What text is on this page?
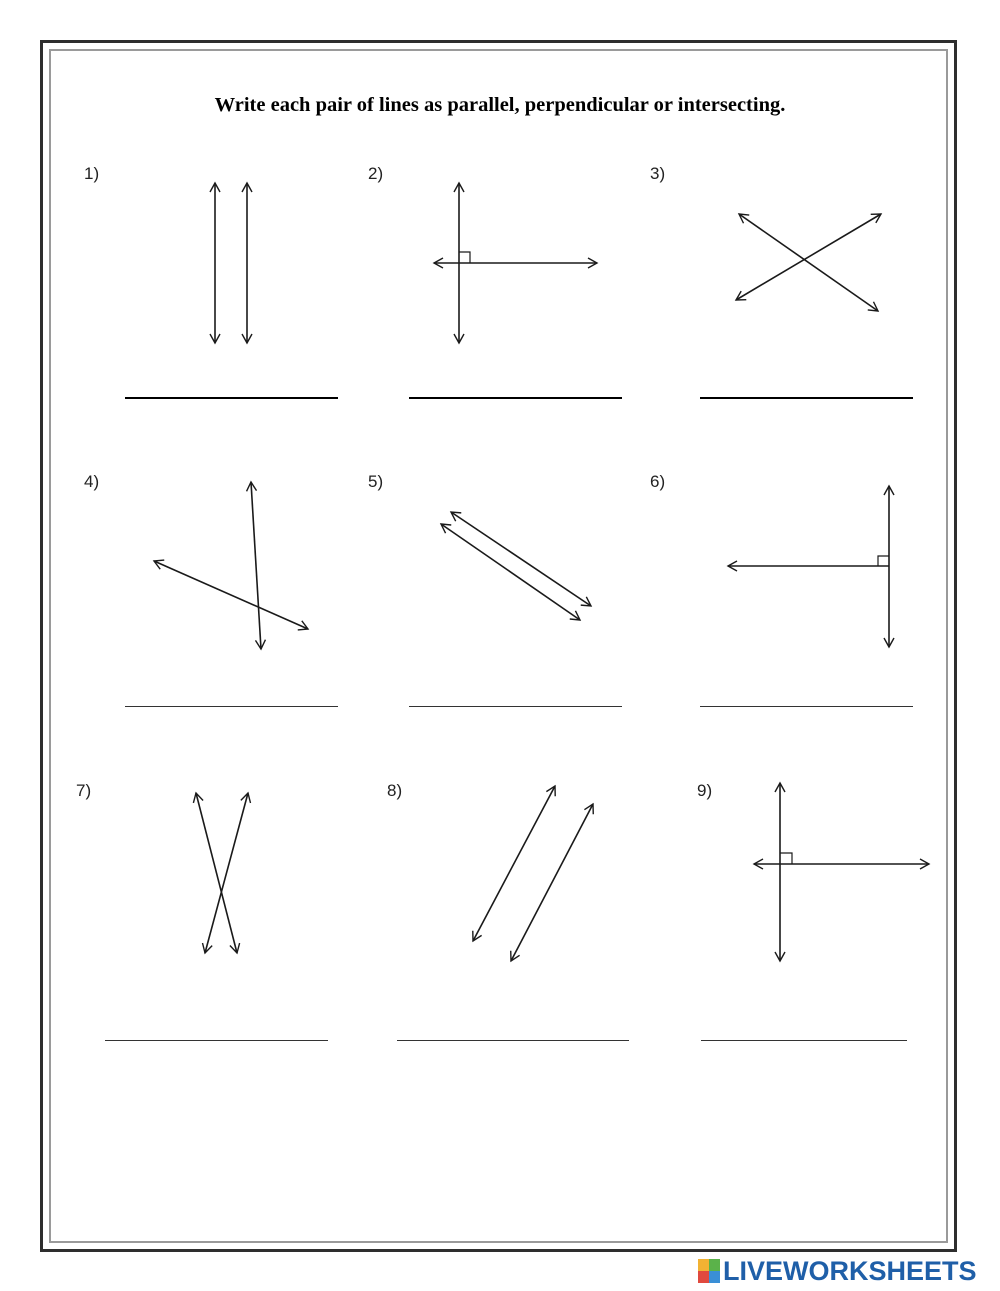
Write each pair of lines as parallel, perpendicular or intersecting.
1)	2)	3)
4)	5)	6)
7)	8)	9)
LIVEWORKSHEETS
